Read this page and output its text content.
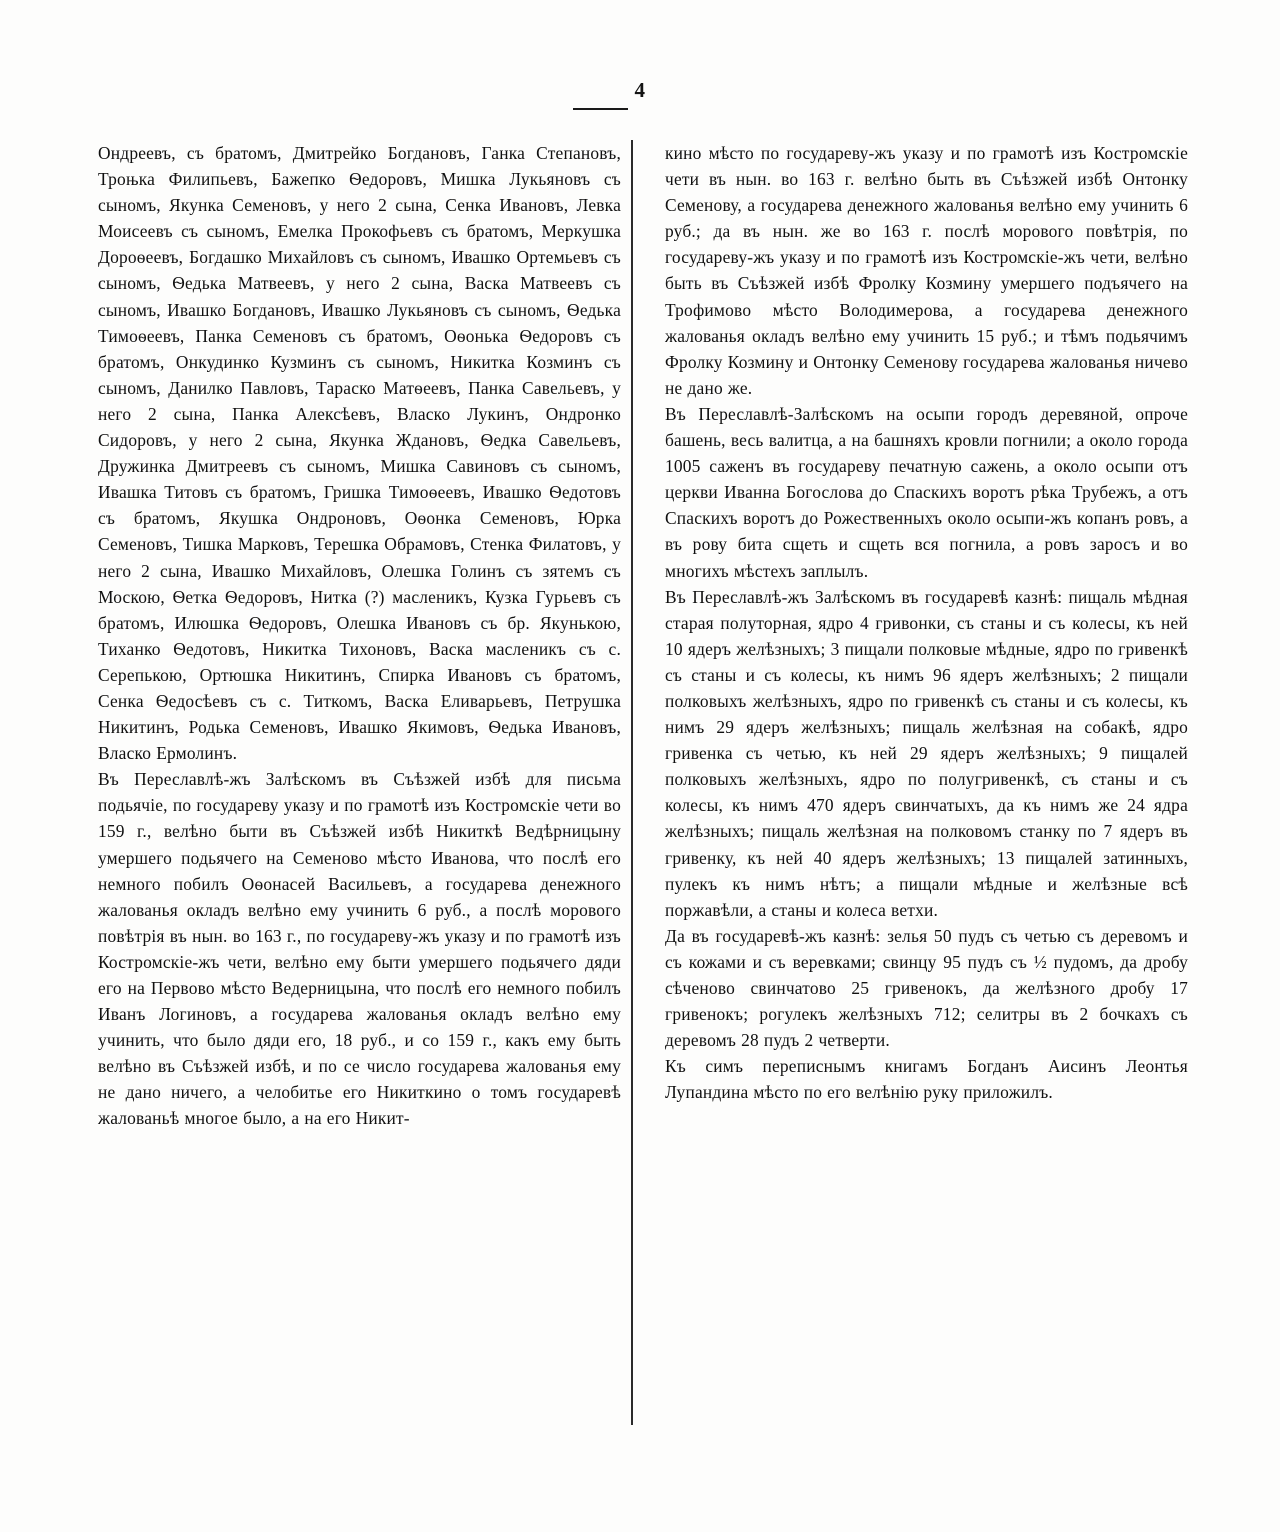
4

Ондреевъ, съ братомъ, Дмитрейко Богдановъ, Ганка Степановъ, Троњка Филипьевъ, Бажепко Ѳедоровъ, Мишка Лукьяновъ съ сыномъ, Якунка Семеновъ, у него 2 сына, Сенка Ивановъ, Левка Моисеевъ съ сыномъ, Емелка Прокофьевъ съ братомъ, Меркушка Дороѳеевъ, Богдашко Михайловъ съ сыномъ, Ивашко Ортемьевъ съ сыномъ, Ѳедька Матвеевъ, у него 2 сына, Васка Матвеевъ съ сыномъ, Ивашко Богдановъ, Ивашко Лукьяновъ съ сыномъ, Ѳедька Тимоѳеевъ, Панка Семеновъ съ братомъ, Оѳонька Ѳедоровъ съ братомъ, Онкудинко Кузминъ съ сыномъ, Никитка Козминъ съ сыномъ, Данилко Павловъ, Тараско Матѳеевъ, Панка Савельевъ, у него 2 сына, Панка Алексѣевъ, Власко Лукинъ, Ондронко Сидоровъ, у него 2 сына, Якунка Ждановъ, Ѳедка Савельевъ, Дружинка Дмитреевъ съ сыномъ, Мишка Савиновъ съ сыномъ, Ивашка Титовъ съ братомъ, Гришка Тимоѳеевъ, Ивашко Ѳедотовъ съ братомъ, Якушка Ондроновъ, Оѳонка Семеновъ, Юрка Семеновъ, Тишка Марковъ, Терешка Обрамовъ, Стенка Филатовъ, у него 2 сына, Ивашко Михайловъ, Олешка Голинъ съ зятемъ съ Москою, Ѳетка Ѳедоровъ, Нитка (?) масленикъ, Кузка Гурьевъ съ братомъ, Илюшка Ѳедоровъ, Олешка Ивановъ съ бр. Якунькою, Тиханко Ѳедотовъ, Никитка Тихоновъ, Васка масленикъ съ с. Серепькою, Ортюшка Никитинъ, Спирка Ивановъ съ братомъ, Сенка Ѳедосѣевъ съ с. Титкомъ, Васка Еливарьевъ, Петрушка Никитинъ, Родька Семеновъ, Ивашко Якимовъ, Ѳедька Ивановъ, Власко Ермолинъ.

Въ Переславлѣ-жъ Залѣскомъ въ Съѣзжей избѣ для письма подьячіе, по государеву указу и по грамотѣ изъ Костромскіе чети во 159 г., велѣно быти въ Съѣзжей избѣ Никиткѣ Ведѣрницыну умершего подьячего на Семеново мѣсто Иванова, что послѣ его немного побилъ Оѳонасей Васильевъ, а государева денежного жалованья окладъ велѣно ему учинить 6 руб., а послѣ морового повѣтрія въ нын. во 163 г., по государеву-жъ указу и по грамотѣ изъ Костромскіе-жъ чети, велѣно ему быти умершего подьячего дяди его на Первово мѣсто Ведерницына, что послѣ его немного побилъ Иванъ Логиновъ, а государева жалованья окладъ велѣно ему учинить, что было дяди его, 18 руб., и со 159 г., какъ ему быть велѣно въ Съѣзжей избѣ, и по се число государева жалованья ему не дано ничего, а челобитье его Никиткино о томъ государевѣ жалованьѣ многое было, а на его Никит-

кино мѣсто по государеву-жъ указу и по грамотѣ изъ Костромскіе чети въ нын. во 163 г. велѣно быть въ Съѣзжей избѣ Онтонку Семенову, а государева денежного жалованья велѣно ему учинить 6 руб.; да въ нын. же во 163 г. послѣ морового повѣтрія, по государеву-жъ указу и по грамотѣ изъ Костромскіе-жъ чети, велѣно быть въ Съѣзжей избѣ Фролку Козмину умершего подъячего на Трофимово мѣсто Володимерова, а государева денежного жалованья окладъ велѣно ему учинить 15 руб.; и тѣмъ подьячимъ Фролку Козмину и Онтонку Семенову государева жалованья ничево не дано же.

Въ Переславлѣ-Залѣскомъ на осыпи городъ деревяной, опроче башень, весь валитца, а на башняхъ кровли погнили; а около города 1005 саженъ въ государеву печатную сажень, а около осыпи отъ церкви Иванна Богослова до Спаскихъ воротъ рѣка Трубежъ, а отъ Спаскихъ воротъ до Рожественныхъ около осыпи-жъ копанъ ровъ, а въ рову бита сщеть и сщеть вся погнила, а ровъ заросъ и во многихъ мѣстехъ заплылъ.

Въ Переславлѣ-жъ Залѣскомъ въ государевѣ казнѣ: пищаль мѣдная старая полуторная, ядро 4 гривонки, съ станы и съ колесы, къ ней 10 ядеръ желѣзныхъ; 3 пищали полковые мѣдные, ядро по гривенкѣ съ станы и съ колесы, къ нимъ 96 ядеръ желѣзныхъ; 2 пищали полковыхъ желѣзныхъ, ядро по гривенкѣ съ станы и съ колесы, къ нимъ 29 ядеръ желѣзныхъ; пищаль желѣзная на собакѣ, ядро гривенка съ четью, къ ней 29 ядеръ желѣзныхъ; 9 пищалей полковыхъ желѣзныхъ, ядро по полугривенкѣ, съ станы и съ колесы, къ нимъ 470 ядеръ свинчатыхъ, да къ нимъ же 24 ядра желѣзныхъ; пищаль желѣзная на полковомъ станку по 7 ядеръ въ гривенку, къ ней 40 ядеръ желѣзныхъ; 13 пищалей затинныхъ, пулекъ къ нимъ нѣтъ; а пищали мѣдные и желѣзные всѣ поржавѣли, а станы и колеса ветхи.

Да въ государевѣ-жъ казнѣ: зелья 50 пудъ съ четью съ деревомъ и съ кожами и съ веревками; свинцу 95 пудъ съ ½ пудомъ, да дробу сѣченово свинчатово 25 гривенокъ, да желѣзного дробу 17 гривенокъ; рогулекъ желѣзныхъ 712; селитры въ 2 бочкахъ съ деревомъ 28 пудъ 2 четверти.

Къ симъ переписнымъ книгамъ Богданъ Аисинъ Леонтья Лупандина мѣсто по его велѣнію руку приложилъ.
